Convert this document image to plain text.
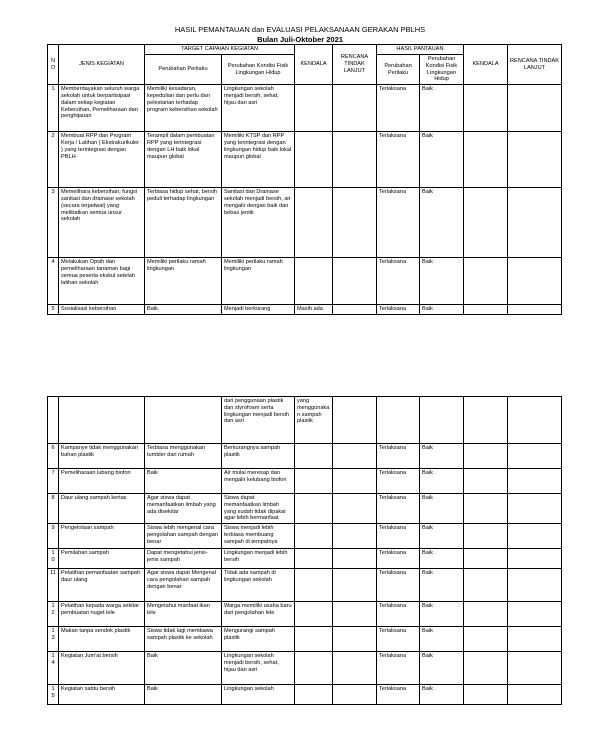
HASIL PEMANTAUAN dan EVALUASI PELAKSANAAN GERAKAN PBLHS
Bulan Juli-Oktober 2021
N O	JENIS KEGIATAN	TARGET CAPAIAN KEGIATAN		KENDALA	RENCANA TINDAK LANJUT	HASIL PANTAUAN		KENDALA	RENCANA TINDAK LANJUT
		Perubahan Perilaku	Perubahan Kondisi Fisik Lingkungan Hidup			Perubahan Perilaku	Perubahan Kondisi Fisik Lingkungan Hidup		
1	Memberdayakan seluruh warga sekolah untuk berpartisipasi dalam setiap kegiatan Kebersihan, Pemeliharaan dan penghijauan	Memiliki kesadaran, kepedulian dan perlu dan pelestarian terhadap program kebersihan sekolah	Lingkungan sekolah menjadi bersih, sehat, hijau dan asri			Terlaksana	Baik		
2	Membuat RPP dan Program Kerja / Latihan ( Ekstrakurikuler ) yang terintegrasi dengan PBLH	Terampil dalam pembuatan RPP yang terintegrasi dengan LH baik lokal maupun global	Memiliki KTSP dan RPP yang terintegrasi dengan lingkungan hidup baik lokal maupun global			Terlaksana	Baik		
3	Memelihara kebersihan, fungsi sanitasi dan drainase sekolah (secara terjadwal) yang melibatkan semua unsur sekolah	Terbiasa hidup sehat, bersih peduli terhadap lingkungan	Sanitasi dan Drainase sekolah menjadi bersih, air mengalir dengan baik dan bebas jentik			Terlaksana	Baik		
4	Melakukan Opsih dan pemeliharaan tanaman bagi semua peserta ekskul setelah latihan sekolah	Memiliki perilaku ramah lingkungan	Memiliki perilaku ramah lingkungan			Terlaksana	Baik		
5	Sosialisasi kebersihan	Baik	Menjadi berkurang	Masih ada		Terlaksana	Baik		
			dari penggunaan plastik dan styrofoam serta lingkungan menjadi bersih dan asri	yang menggunakan sampah plastik					
6	Kampanye tidak menggunakan bahan plastik	Terbiasa menggunakan tumbler dari rumah	Berkurangnya sampah plastik			Terlaksana	Baik		
7	Pemeliharaan lubang biofori	Baik	Air mulai meresap dan mengalir kelubang biofori			Terlaksana	Baik		
8	Daur ulang sampah kertas	Agar siswa dapat memanfaatkan limbah yang ada disekitar	Siswa dapat memanfaatkan limbah yang sudah tidak dipakai agar lebih bermanfaat			Terlaksana	Baik		
9	Pengelolaan sampah	Siswa lebih mengenal cara pengolahan sampah dengan benar	Siswa menjadi lebih terbiasa membuang sampah di tempatnya			Terlaksana	Baik		
10	Pemilahan sampah	Dapat mengetahui jenis-jenis sampah	Lingkungan menjadi lebih bersih			Terlaksana	Baik		
11	Pelatihan pemanfaatan sampah daur ulang	Agar siswa dapat Mengenal cara pengolahan sampah dengan benar	Tidak ada sampah di lingkungan sekolah			Terlaksana	Baik		
12	Pelatihan kepada warga sekitar pembuatan nuget lele	Mengetahui manfaat ikan lele	Warga memiliki usaha baru dari pengolahan lele			Terlaksana	Baik		
13	Makan tanpa sendok plastik	Siswa tidak lagi membawa sampah plastik ke sekolah	Mengurangi sampah plastik			Terlaksana	Baik		
14	Kegiatan Jum'at bersih	Baik	Lingkungan sekolah menjadi bersih, sehat, hijau dan asri			Terlaksana	Baik		
15	Kegiatan sabtu bersih	Baik	Lingkungan sekolah			Terlaksana	Baik		
